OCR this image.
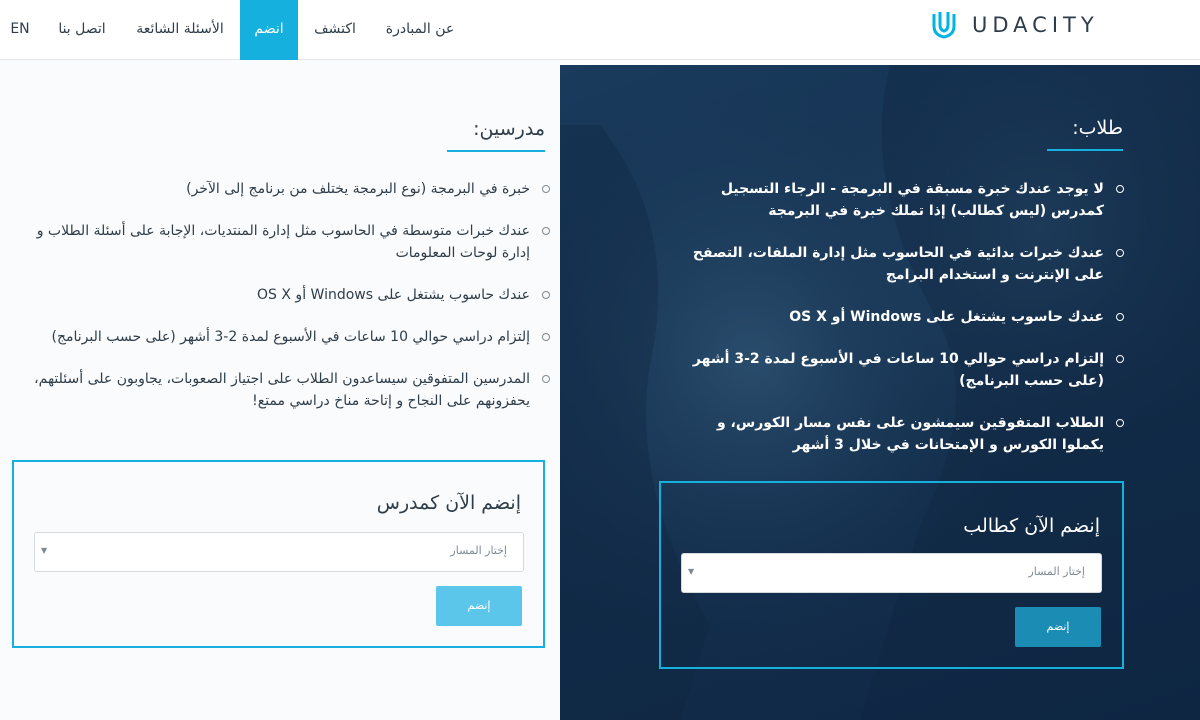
EN	اتصل بنا	الأسئلة الشائعة	انضم	اكتشف	عن المبادرة	UDACITY
مدرسين:
خبرة في البرمجة (نوع البرمجة يختلف من برنامج إلى الآخر)
عندك خبرات متوسطة في الحاسوب مثل إدارة المنتديات، الإجابة على أسئلة الطلاب و إدارة لوحات المعلومات
عندك حاسوب يشتغل على Windows أو OS X
إلتزام دراسي حوالي 10 ساعات في الأسبوع لمدة 2-3 أشهر (على حسب البرنامج)
المدرسين المتفوقين سيساعدون الطلاب على اجتياز الصعوبات، يجاوبون على أسئلتهم، يحفزونهم على النجاح و إتاحة مناخ دراسي ممتع!
إنضم الآن كمدرس
إختار المسار
▼
إنضم
طلاب:
لا يوجد عندك خبرة مسبقة في البرمجة - الرجاء التسجيل كمدرس (ليس كطالب) إذا تملك خبرة في البرمجة
عندك خبرات بدائية في الحاسوب مثل إدارة الملفات، التصفح على الإنترنت و استخدام البرامج
عندك حاسوب يشتغل على Windows أو OS X
إلتزام دراسي حوالي 10 ساعات في الأسبوع لمدة 2-3 أشهر (على حسب البرنامج)
الطلاب المتفوقين سيمشون على نفس مسار الكورس، و يكملوا الكورس و الإمتحانات في خلال 3 أشهر
إنضم الآن كطالب
إختار المسار
▼
إنضم
